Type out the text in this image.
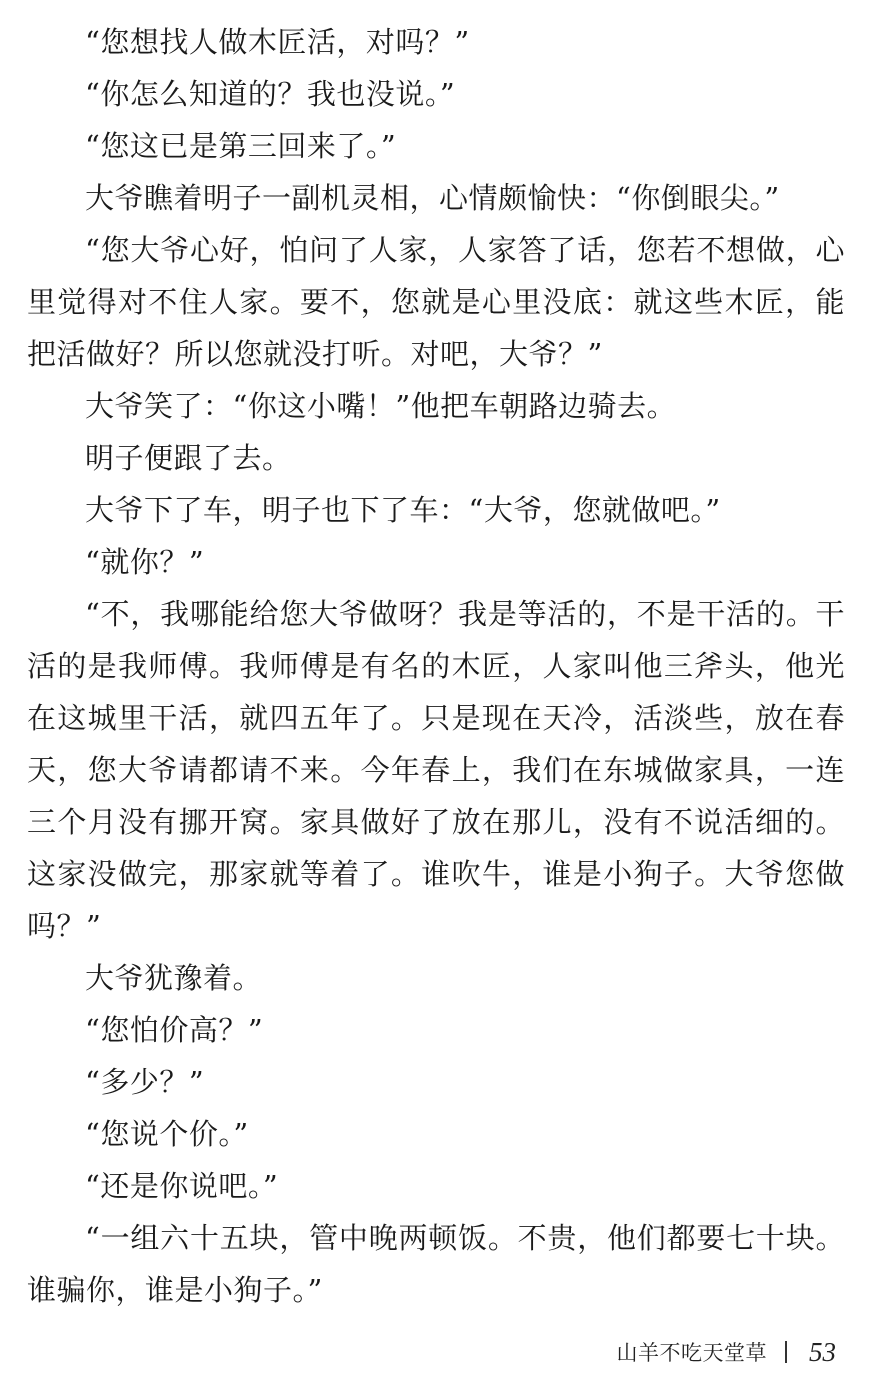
“您想找人做木匠活，对吗？”

“你怎么知道的？我也没说。”

“您这已是第三回来了。”

大爷瞧着明子一副机灵相，心情颇愉快：“你倒眼尖。”

“您大爷心好，怕问了人家，人家答了话，您若不想做，心里觉得对不住人家。要不，您就是心里没底：就这些木匠，能把活做好？所以您就没打听。对吧，大爷？”

大爷笑了：“你这小嘴！”他把车朝路边骑去。

明子便跟了去。

大爷下了车，明子也下了车：“大爷，您就做吧。”

“就你？”

“不，我哪能给您大爷做呀？我是等活的，不是干活的。干活的是我师傅。我师傅是有名的木匠，人家叫他三斧头，他光在这城里干活，就四五年了。只是现在天冷，活淡些，放在春天，您大爷请都请不来。今年春上，我们在东城做家具，一连三个月没有挪开窝。家具做好了放在那儿，没有不说活细的。这家没做完，那家就等着了。谁吹牛，谁是小狗子。大爷您做吗？”

大爷犹豫着。

“您怕价高？”

“多少？”

“您说个价。”

“还是你说吧。”

“一组六十五块，管中晚两顿饭。不贵，他们都要七十块。谁骗你，谁是小狗子。”

山羊不吃天堂草 53
